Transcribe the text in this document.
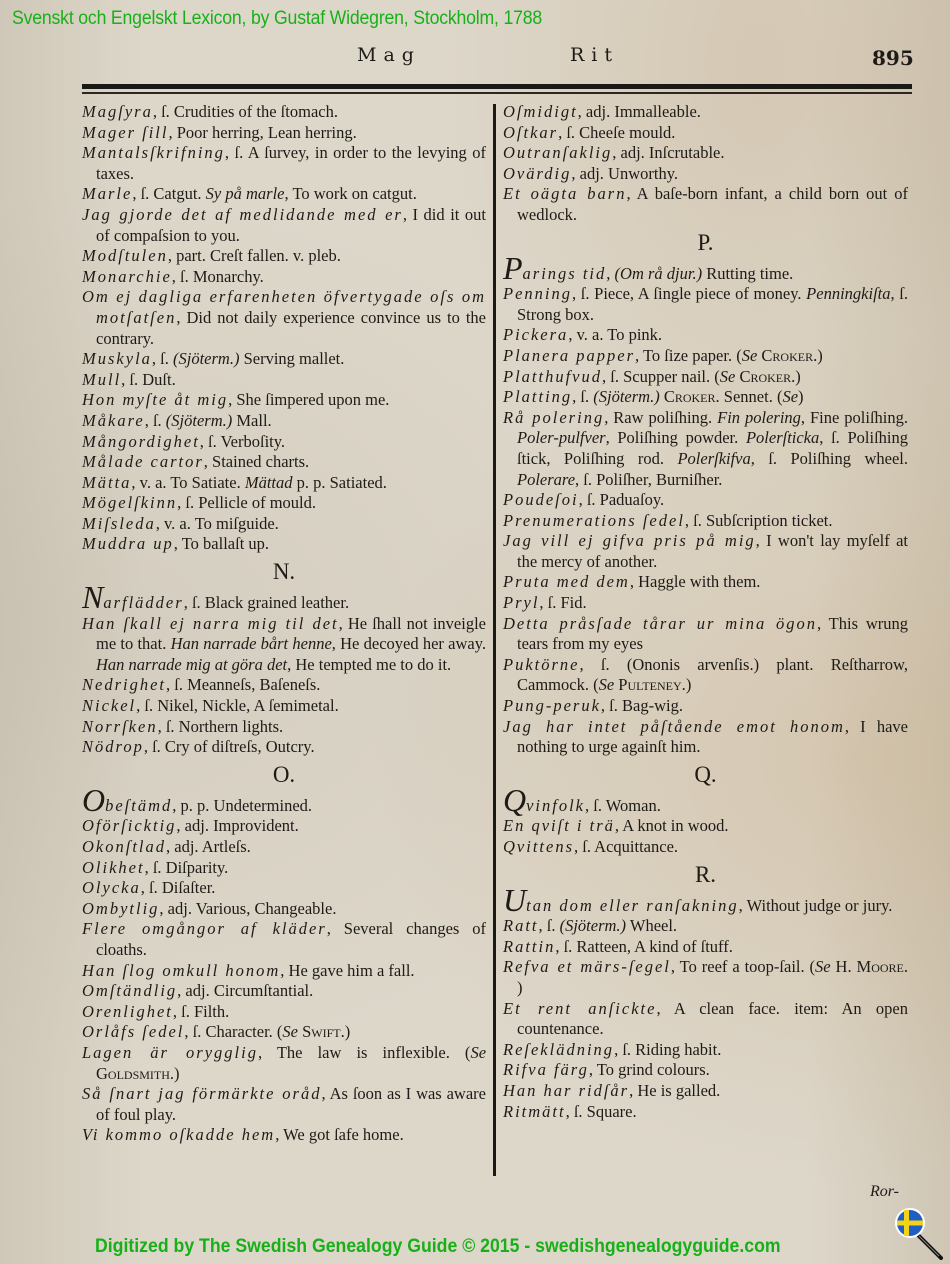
Svenskt och Engelskt Lexicon, by Gustaf Widegren, Stockholm, 1788
Mag	Rit	895
Magſyra, ſ. Crudities of the ſtomach.
Mager ſill, Poor herring, Lean herring.
Mantalsſkrifning, ſ. A ſurvey, in order to the levying of taxes.
Marle, ſ. Catgut. Sy på marle, To work on catgut.
Jag gjorde det af medlidande med er, I did it out of compaſsion to you.
Modſtulen, part. Creſt fallen. v. pleb.
Monarchie, ſ. Monarchy.
Om ej dagliga erfarenheten öfvertygade oſs om motſatſen, Did not daily experience convince us to the contrary.
Muskyla, ſ. (Sjöterm.) Serving mallet.
Mull, ſ. Duſt.
Hon myſte åt mig, She ſimpered upon me.
Måkare, ſ. (Sjöterm.) Mall.
Mångordighet, ſ. Verboſity.
Målade cartor, Stained charts.
Mätta, v. a. To Satiate. Mättad p. p. Satiated.
Mögelſkinn, ſ. Pellicle of mould.
Miſsleda, v. a. To miſguide.
Muddra up, To ballaſt up.
N.
Narflädder, ſ. Black grained leather.
Han ſkall ej narra mig til det, He ſhall not inveigle me to that. Han narrade bårt henne, He decoyed her away. Han narrade mig at göra det, He tempted me to do it.
Nedrighet, ſ. Meanneſs, Baſeneſs.
Nickel, ſ. Nikel, Nickle, A ſemimetal.
Norrſken, ſ. Northern lights.
Nödrop, ſ. Cry of diſtreſs, Outcry.
O.
Obeſtämd, p. p. Undetermined.
Oförſicktig, adj. Improvident.
Okonſtlad, adj. Artleſs.
Olikhet, ſ. Diſparity.
Olycka, ſ. Diſaſter.
Ombytlig, adj. Various, Changeable.
Flere omgångor af kläder, Several changes of cloaths.
Han ſlog omkull honom, He gave him a fall.
Omſtändlig, adj. Circumſtantial.
Orenlighet, ſ. Filth.
Orlåfs ſedel, ſ. Character. (Se Swift.)
Lagen är orygglig, The law is inflexible. (Se Goldsmith.)
Så ſnart jag förmärkte oråd, As ſoon as I was aware of foul play.
Vi kommo oſkadde hem, We got ſafe home.
Oſmidigt, adj. Immalleable.
Oſtkar, ſ. Cheeſe mould.
Outranſaklig, adj. Inſcrutable.
Ovärdig, adj. Unworthy.
Et oägta barn, A baſe-born infant, a child born out of wedlock.
P.
Parings tid, (Om rå djur.) Rutting time.
Penning, ſ. Piece, A ſingle piece of money. Penningkiſta, ſ. Strong box.
Pickera, v. a. To pink.
Planera papper, To ſize paper. (Se Croker.)
Platthufvud, ſ. Scupper nail. (Se Croker.)
Platting, ſ. (Sjöterm.) Croker. Sennet. (Se)
Rå polering, Raw poliſhing. Fin polering, Fine poliſhing. Poler-pulfver, Poliſhing powder. Polerſticka, ſ. Poliſhing ſtick, Poliſhing rod. Polerſkifva, ſ. Poliſhing wheel. Polerare, ſ. Poliſher, Burniſher.
Poudeſoi, ſ. Paduaſoy.
Prenumerations ſedel, ſ. Subſcription ticket.
Jag vill ej gifva pris på mig, I won't lay myſelf at the mercy of another.
Pruta med dem, Haggle with them.
Pryl, ſ. Fid.
Detta pråsſade tårar ur mina ögon, This wrung tears from my eyes
Puktörne, ſ. (Ononis arvenſis.) plant. Reſtharrow, Cammock. (Se Pulteney.)
Pung-peruk, ſ. Bag-wig.
Jag har intet påſtående emot honom, I have nothing to urge againſt him.
Q.
Qvinfolk, ſ. Woman.
En qviſt i trä, A knot in wood.
Qvittens, ſ. Acquittance.
R.
Utan dom eller ranſakning, Without judge or jury.
Ratt, ſ. (Sjöterm.) Wheel.
Rattin, ſ. Ratteen, A kind of ſtuff.
Refva et märs-ſegel, To reef a toop-ſail. (Se H. Moore. )
Et rent anſickte, A clean face. item: An open countenance.
Reſeklädning, ſ. Riding habit.
Rifva färg, To grind colours.
Han har ridſår, He is galled.
Ritmätt, ſ. Square.
Ror-
Digitized by The Swedish Genealogy Guide © 2015 - swedishgenealogyguide.com
